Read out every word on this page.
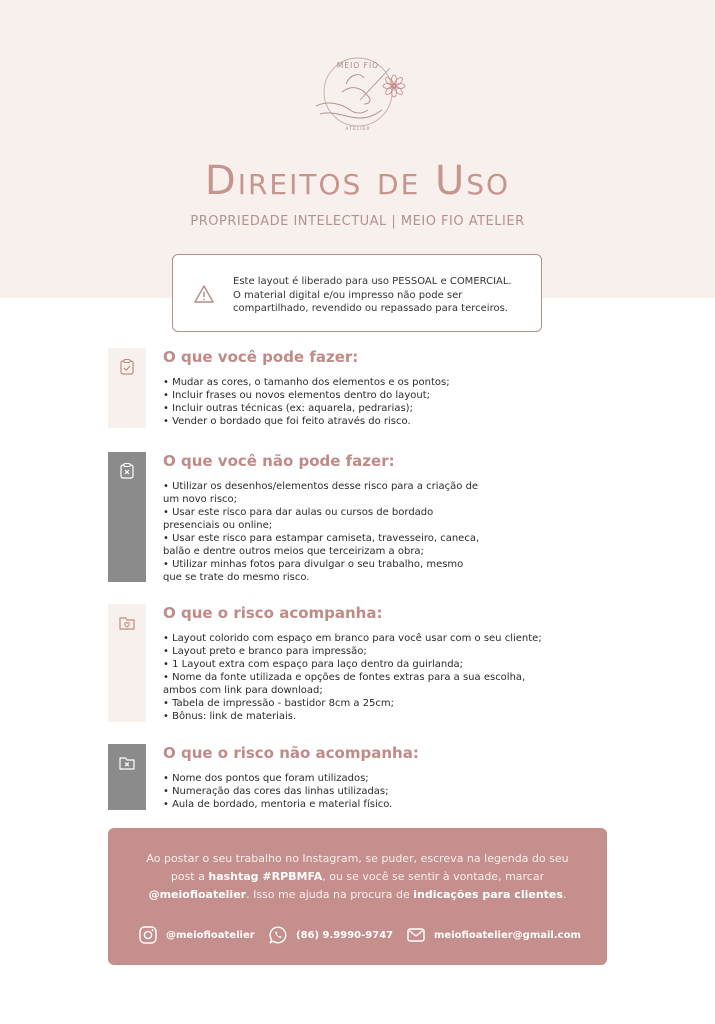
MEIO FIO
ATELIER
Direitos de Uso
PROPRIEDADE INTELECTUAL | MEIO FIO ATELIER
Este layout é liberado para uso PESSOAL e COMERCIAL.
O material digital e/ou impresso não pode ser
compartilhado, revendido ou repassado para terceiros.
O que você pode fazer:
• Mudar as cores, o tamanho dos elementos e os pontos;
• Incluir frases ou novos elementos dentro do layout;
• Incluir outras técnicas (ex: aquarela, pedrarias);
• Vender o bordado que foi feito através do risco.
O que você não pode fazer:
• Utilizar os desenhos/elementos desse risco para a criação de um novo risco;
• Usar este risco para dar aulas ou cursos de bordado presenciais ou online;
• Usar este risco para estampar camiseta, travesseiro, caneca, balão e dentre outros meios que terceirizam a obra;
• Utilizar minhas fotos para divulgar o seu trabalho, mesmo que se trate do mesmo risco.
O que o risco acompanha:
• Layout colorido com espaço em branco para você usar com o seu cliente;
• Layout preto e branco para impressão;
• 1 Layout extra com espaço para laço dentro da guirlanda;
• Nome da fonte utilizada e opções de fontes extras para a sua escolha, ambos com link para download;
• Tabela de impressão - bastidor 8cm a 25cm;
• Bônus: link de materiais.
O que o risco não acompanha:
• Nome dos pontos que foram utilizados;
• Numeração das cores das linhas utilizadas;
• Aula de bordado, mentoria e material físico.
Ao postar o seu trabalho no Instagram, se puder, escreva na legenda do seu
post a hashtag #RPBMFA, ou se você se sentir à vontade, marcar
@meiofioatelier. Isso me ajuda na procura de indicações para clientes.
@meiofioatelier	(86) 9.9990-9747	meiofioatelier@gmail.com
